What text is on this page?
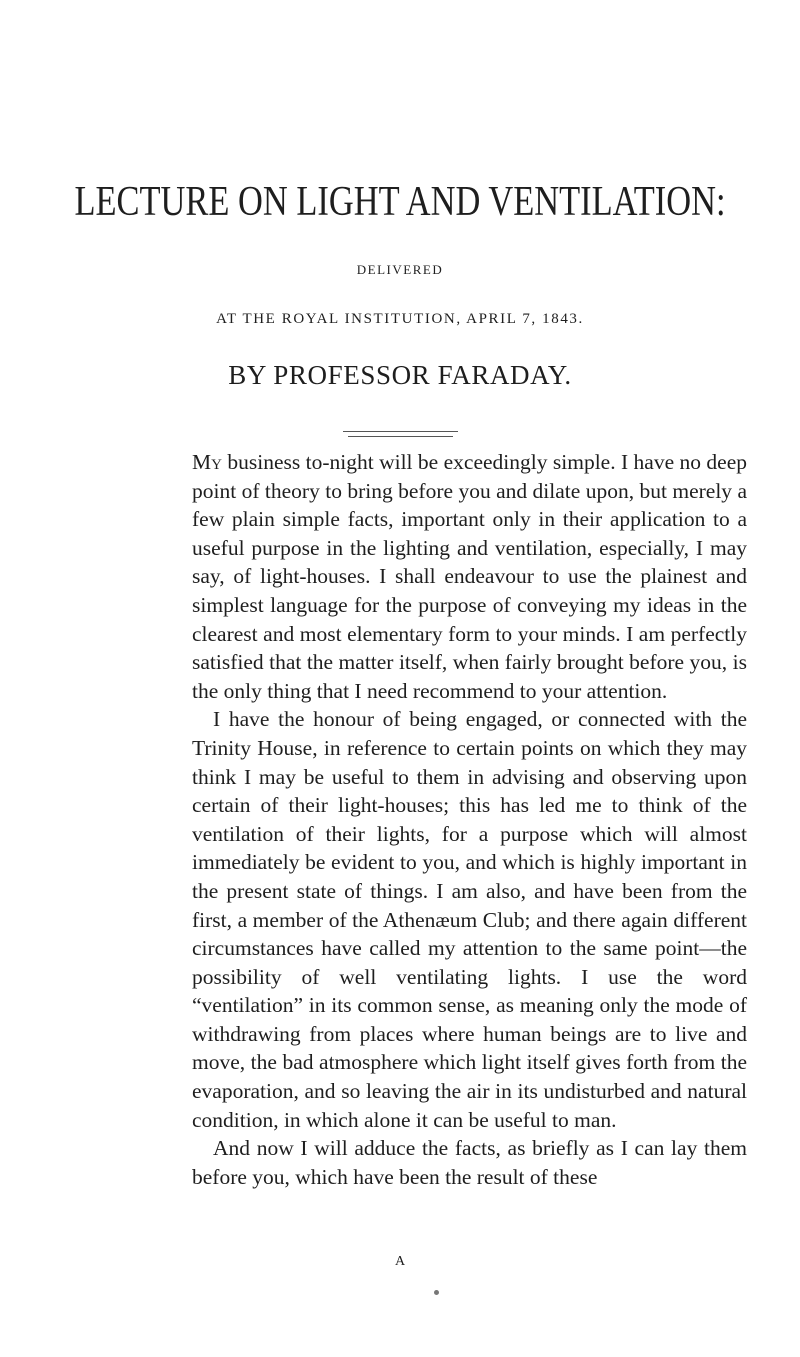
LECTURE ON LIGHT AND VENTILATION:
DELIVERED
AT THE ROYAL INSTITUTION, APRIL 7, 1843.
BY PROFESSOR FARADAY.

My business to-night will be exceedingly simple. I have no deep point of theory to bring before you and dilate upon, but merely a few plain simple facts, important only in their application to a useful purpose in the lighting and ventilation, especially, I may say, of light-houses. I shall endeavour to use the plainest and simplest language for the purpose of conveying my ideas in the clearest and most elementary form to your minds. I am perfectly satisfied that the matter itself, when fairly brought before you, is the only thing that I need recommend to your attention.

I have the honour of being engaged, or connected with the Trinity House, in reference to certain points on which they may think I may be useful to them in advising and observing upon certain of their light-houses; this has led me to think of the ventilation of their lights, for a purpose which will almost immediately be evident to you, and which is highly important in the present state of things. I am also, and have been from the first, a member of the Athenæum Club; and there again different circumstances have called my attention to the same point—the possibility of well ventilating lights. I use the word “ventilation” in its common sense, as meaning only the mode of withdrawing from places where human beings are to live and move, the bad atmosphere which light itself gives forth from the evaporation, and so leaving the air in its undisturbed and natural condition, in which alone it can be useful to man.

And now I will adduce the facts, as briefly as I can lay them before you, which have been the result of these

A
